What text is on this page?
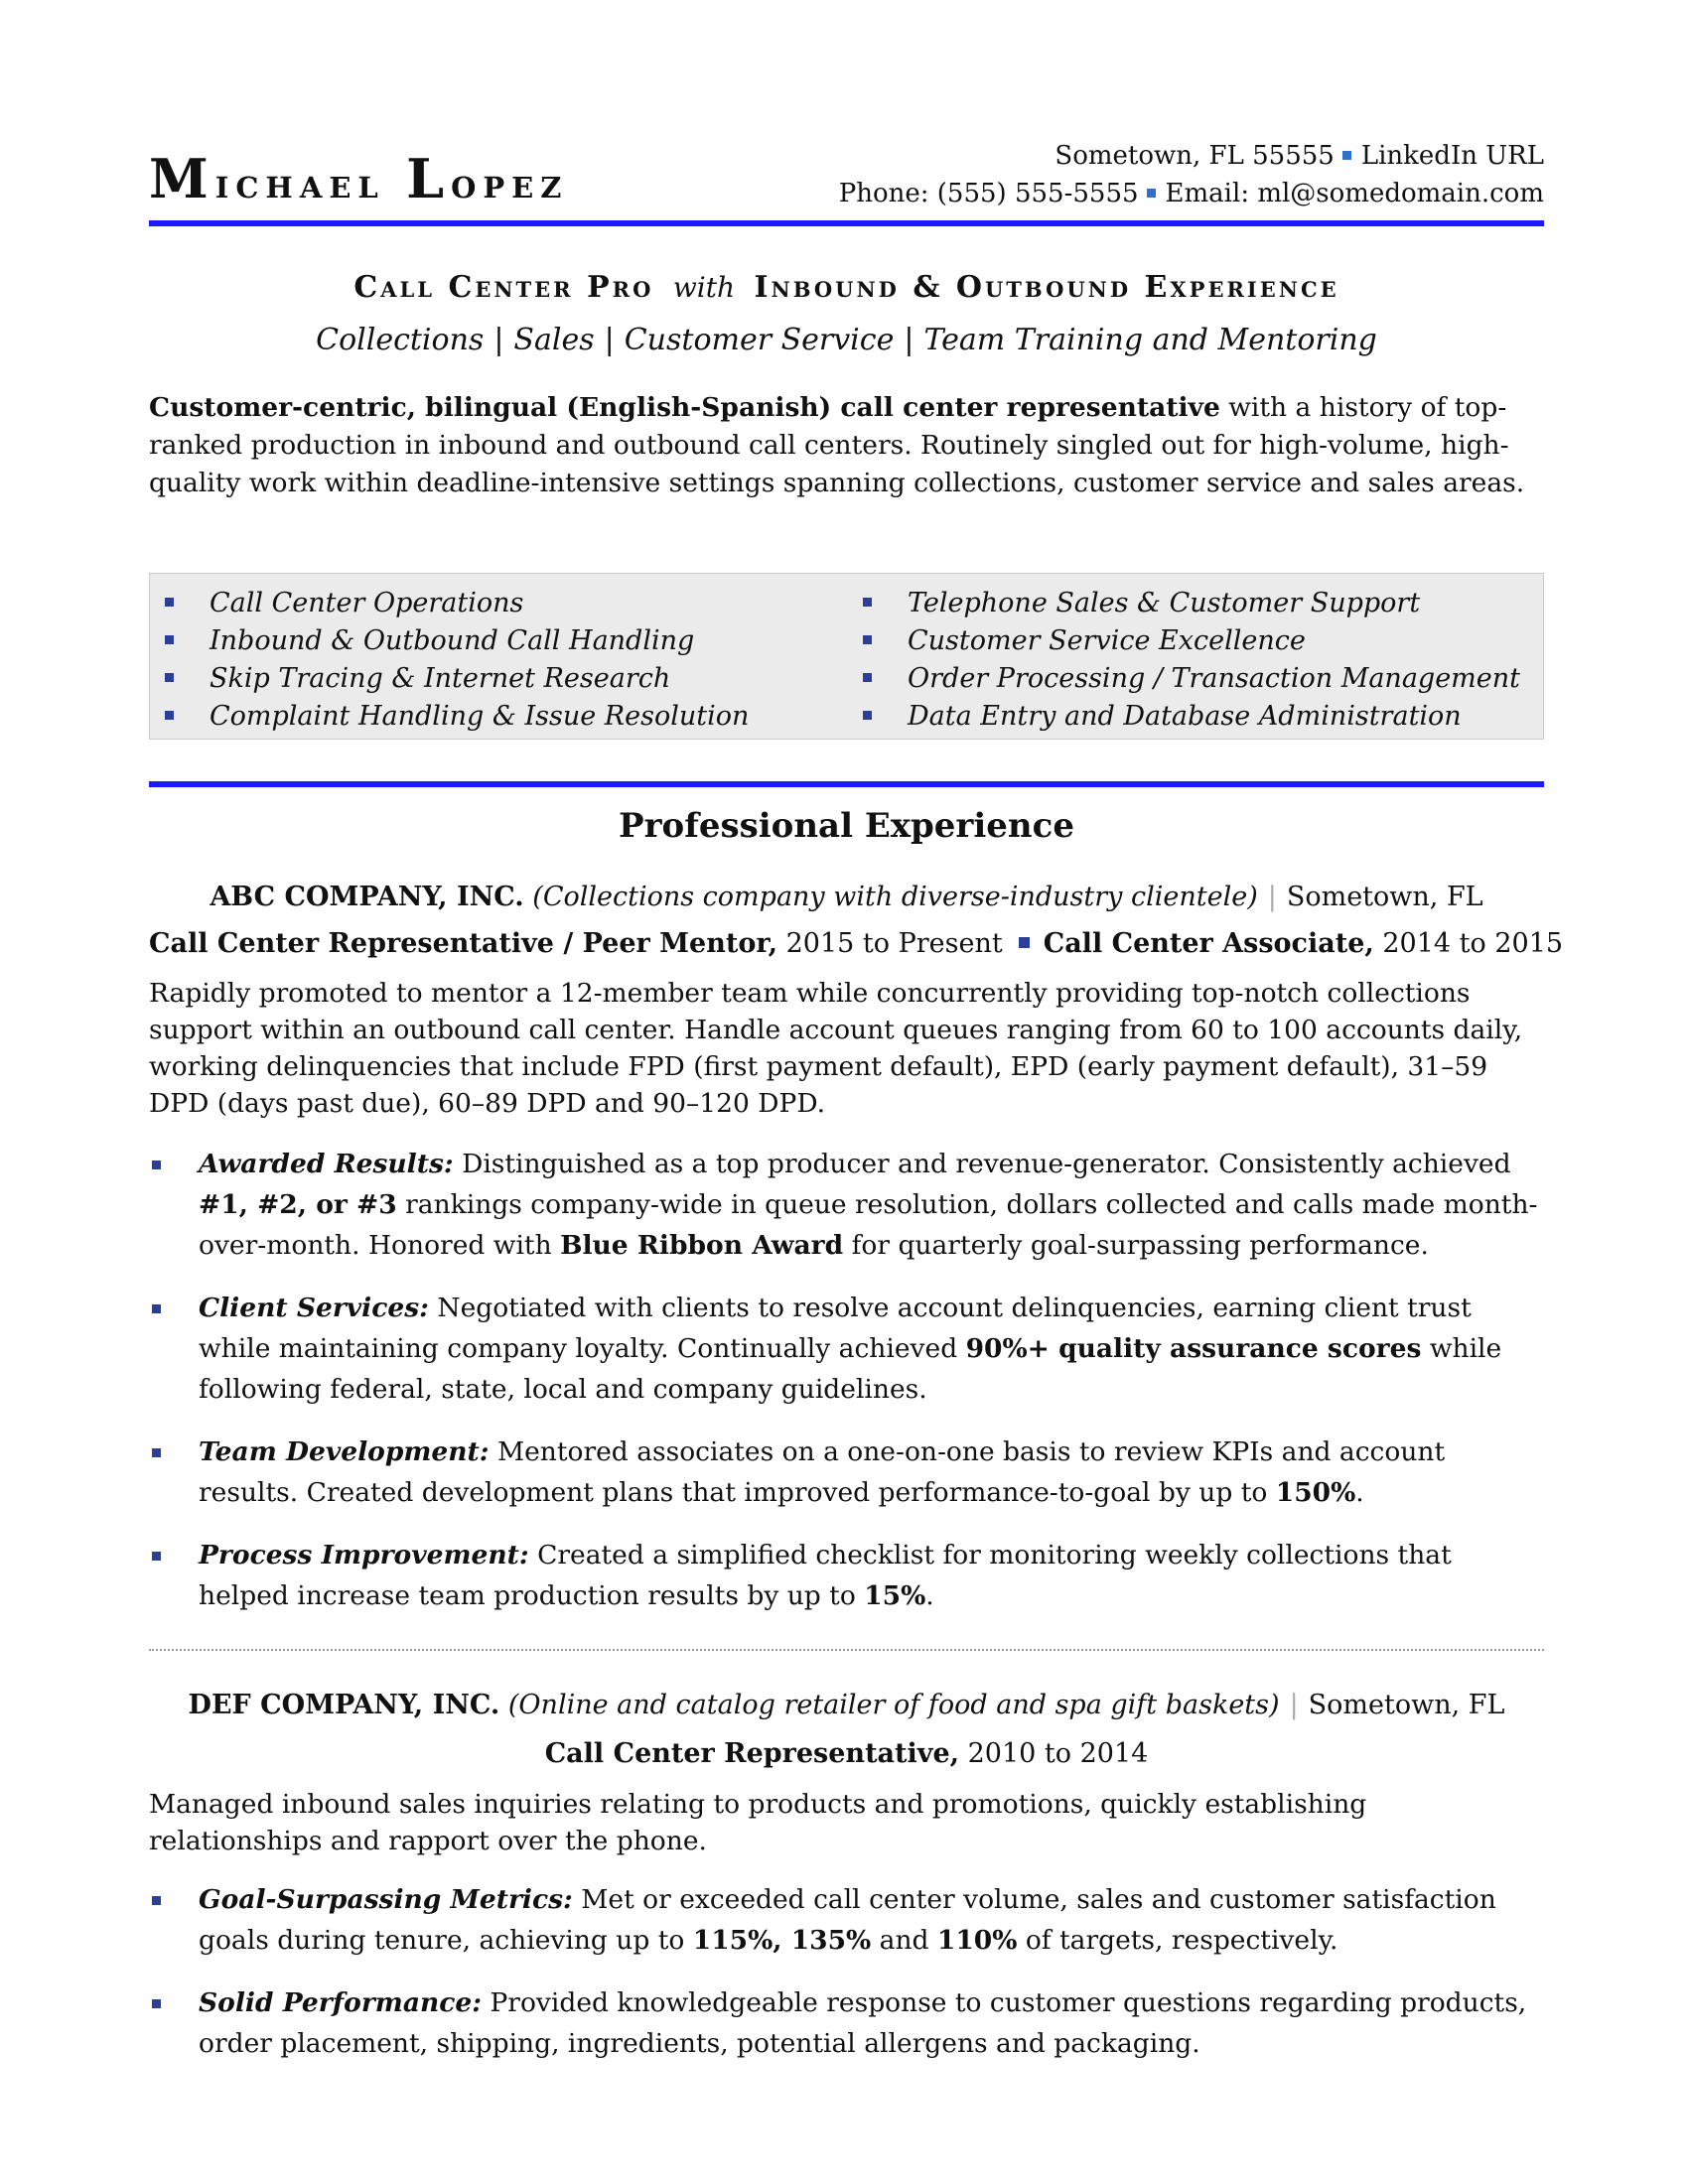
Michael Lopez
Sometown, FL 55555 LinkedIn URL
Phone: (555) 555-5555 Email: ml@somedomain.com
Call Center Pro with Inbound & Outbound Experience
Collections | Sales | Customer Service | Team Training and Mentoring
Customer-centric, bilingual (English-Spanish) call center representative with a history of top-ranked production in inbound and outbound call centers. Routinely singled out for high-volume, high-quality work within deadline-intensive settings spanning collections, customer service and sales areas.
Call Center Operations
Inbound & Outbound Call Handling
Skip Tracing & Internet Research
Complaint Handling & Issue Resolution
Telephone Sales & Customer Support
Customer Service Excellence
Order Processing / Transaction Management
Data Entry and Database Administration
Professional Experience
ABC COMPANY, INC. (Collections company with diverse-industry clientele) | Sometown, FL
Call Center Representative / Peer Mentor, 2015 to Present Call Center Associate, 2014 to 2015
Rapidly promoted to mentor a 12-member team while concurrently providing top-notch collections support within an outbound call center. Handle account queues ranging from 60 to 100 accounts daily, working delinquencies that include FPD (first payment default), EPD (early payment default), 31–59 DPD (days past due), 60–89 DPD and 90–120 DPD.
Awarded Results: Distinguished as a top producer and revenue-generator. Consistently achieved #1, #2, or #3 rankings company-wide in queue resolution, dollars collected and calls made month-over-month. Honored with Blue Ribbon Award for quarterly goal-surpassing performance.
Client Services: Negotiated with clients to resolve account delinquencies, earning client trust while maintaining company loyalty. Continually achieved 90%+ quality assurance scores while following federal, state, local and company guidelines.
Team Development: Mentored associates on a one-on-one basis to review KPIs and account results. Created development plans that improved performance-to-goal by up to 150%.
Process Improvement: Created a simplified checklist for monitoring weekly collections that helped increase team production results by up to 15%.
DEF COMPANY, INC. (Online and catalog retailer of food and spa gift baskets) | Sometown, FL
Call Center Representative, 2010 to 2014
Managed inbound sales inquiries relating to products and promotions, quickly establishing relationships and rapport over the phone.
Goal-Surpassing Metrics: Met or exceeded call center volume, sales and customer satisfaction goals during tenure, achieving up to 115%, 135% and 110% of targets, respectively.
Solid Performance: Provided knowledgeable response to customer questions regarding products, order placement, shipping, ingredients, potential allergens and packaging.
